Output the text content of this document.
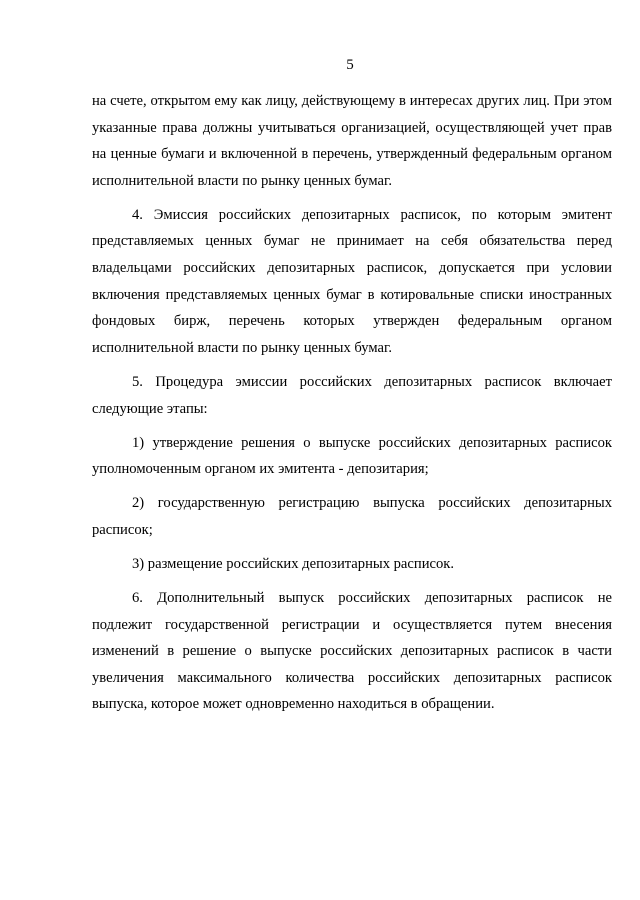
5

на счете, открытом ему как лицу, действующему в интересах других лиц. При этом указанные права должны учитываться организацией, осуществляющей учет прав на ценные бумаги и включенной в перечень, утвержденный федеральным органом исполнительной власти по рынку ценных бумаг.

4. Эмиссия российских депозитарных расписок, по которым эмитент представляемых ценных бумаг не принимает на себя обязательства перед владельцами российских депозитарных расписок, допускается при условии включения представляемых ценных бумаг в котировальные списки иностранных фондовых бирж, перечень которых утвержден федеральным органом исполнительной власти по рынку ценных бумаг.

5. Процедура эмиссии российских депозитарных расписок включает следующие этапы:

1) утверждение решения о выпуске российских депозитарных расписок уполномоченным органом их эмитента - депозитария;

2) государственную регистрацию выпуска российских депозитарных расписок;

3) размещение российских депозитарных расписок.

6. Дополнительный выпуск российских депозитарных расписок не подлежит государственной регистрации и осуществляется путем внесения изменений в решение о выпуске российских депозитарных расписок в части увеличения максимального количества российских депозитарных расписок выпуска, которое может одновременно находиться в обращении.
